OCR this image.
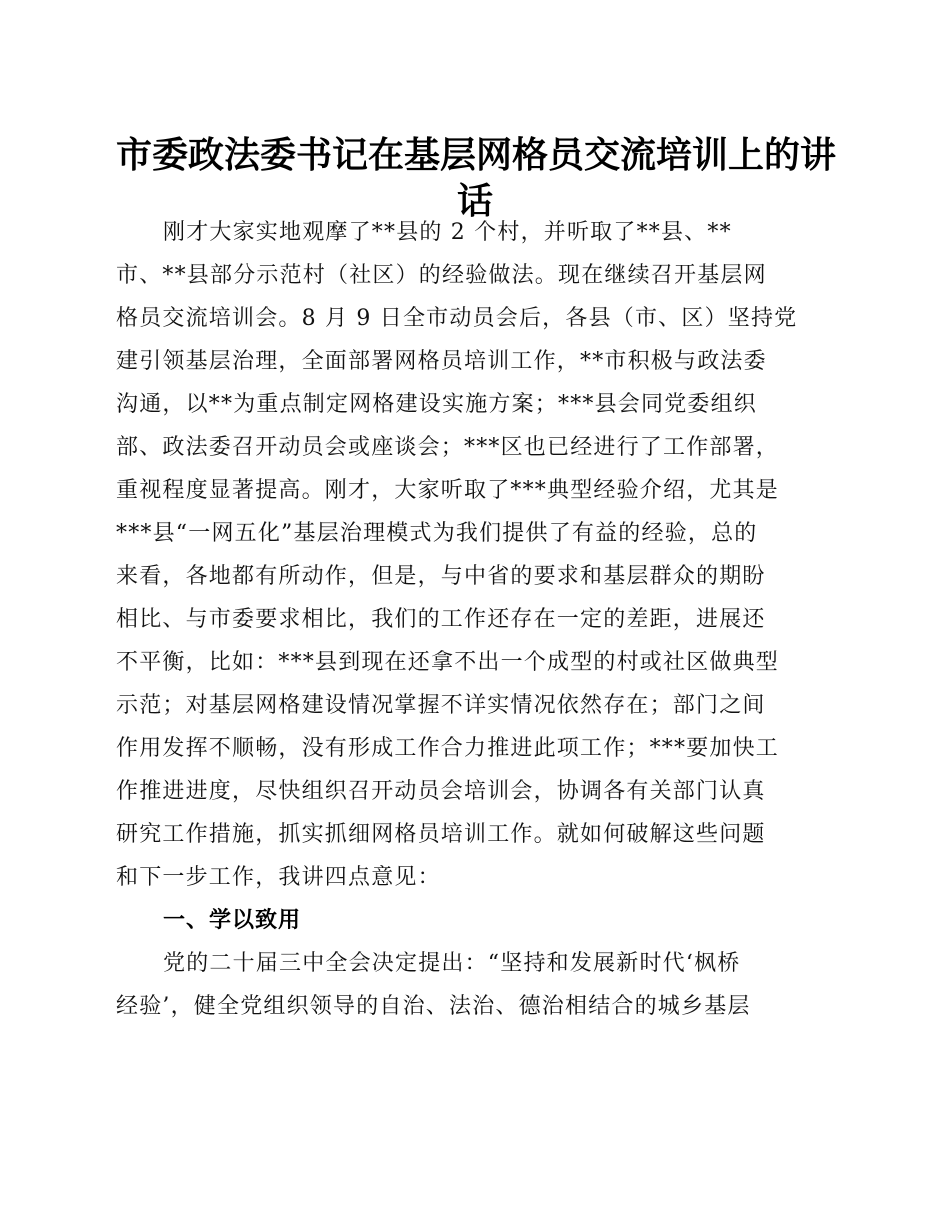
市委政法委书记在基层网格员交流培训上的讲
话
刚才大家实地观摩了**县的 2 个村，并听取了**县、**
市、**县部分示范村（社区）的经验做法。现在继续召开基层网
格员交流培训会。8 月 9 日全市动员会后，各县（市、区）坚持党
建引领基层治理，全面部署网格员培训工作，**市积极与政法委
沟通，以**为重点制定网格建设实施方案；***县会同党委组织
部、政法委召开动员会或座谈会；***区也已经进行了工作部署，
重视程度显著提高。刚才，大家听取了***典型经验介绍，尤其是
***县“一网五化”基层治理模式为我们提供了有益的经验，总的
来看，各地都有所动作，但是，与中省的要求和基层群众的期盼
相比、与市委要求相比，我们的工作还存在一定的差距，进展还
不平衡，比如：***县到现在还拿不出一个成型的村或社区做典型
示范；对基层网格建设情况掌握不详实情况依然存在；部门之间
作用发挥不顺畅，没有形成工作合力推进此项工作；***要加快工
作推进进度，尽快组织召开动员会培训会，协调各有关部门认真
研究工作措施，抓实抓细网格员培训工作。就如何破解这些问题
和下一步工作，我讲四点意见：
一、学以致用
党的二十届三中全会决定提出：“坚持和发展新时代‘枫桥
经验’，健全党组织领导的自治、法治、德治相结合的城乡基层
